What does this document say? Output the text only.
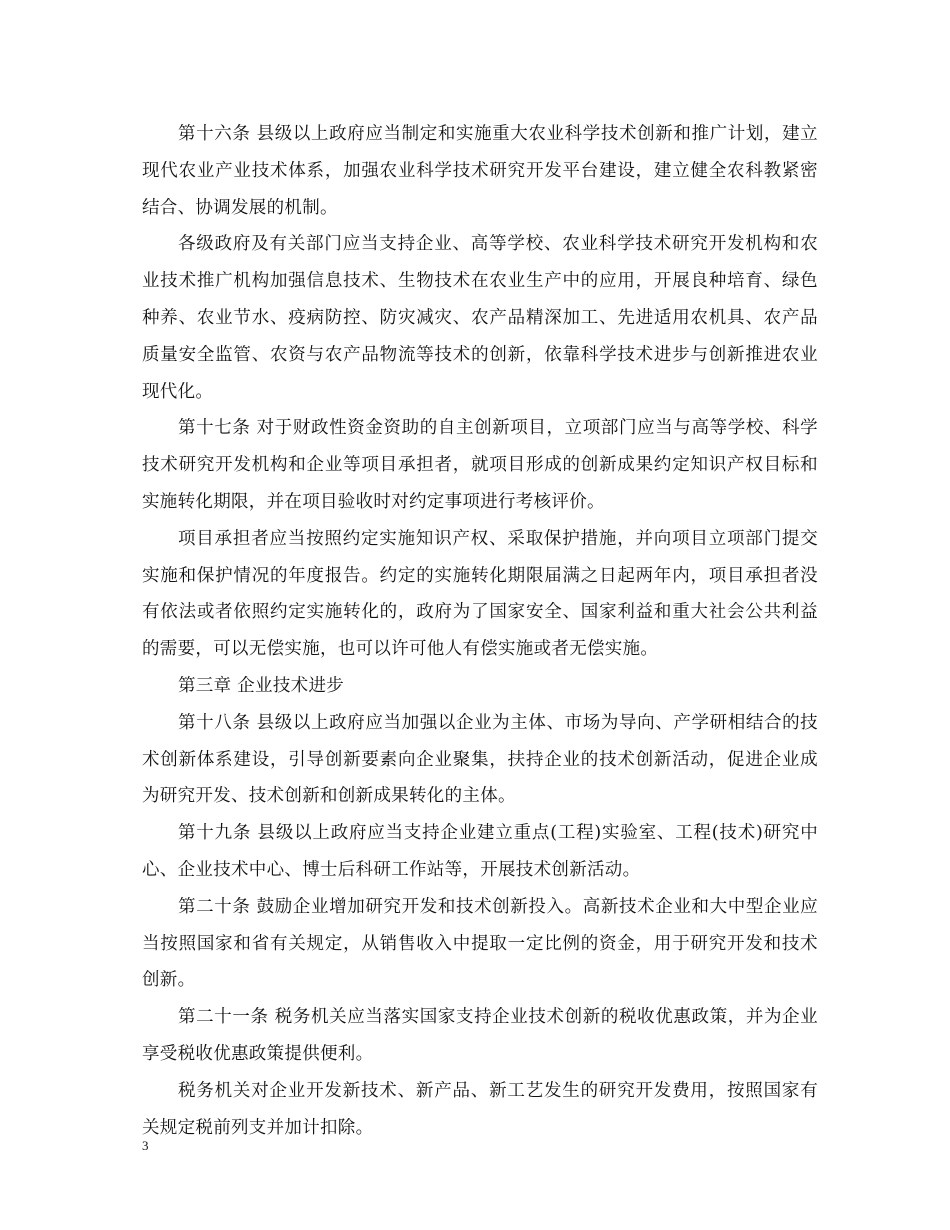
第十六条 县级以上政府应当制定和实施重大农业科学技术创新和推广计划，建立现代农业产业技术体系，加强农业科学技术研究开发平台建设，建立健全农科教紧密结合、协调发展的机制。

各级政府及有关部门应当支持企业、高等学校、农业科学技术研究开发机构和农业技术推广机构加强信息技术、生物技术在农业生产中的应用，开展良种培育、绿色种养、农业节水、疫病防控、防灾减灾、农产品精深加工、先进适用农机具、农产品质量安全监管、农资与农产品物流等技术的创新，依靠科学技术进步与创新推进农业现代化。

第十七条 对于财政性资金资助的自主创新项目，立项部门应当与高等学校、科学技术研究开发机构和企业等项目承担者，就项目形成的创新成果约定知识产权目标和实施转化期限，并在项目验收时对约定事项进行考核评价。

项目承担者应当按照约定实施知识产权、采取保护措施，并向项目立项部门提交实施和保护情况的年度报告。约定的实施转化期限届满之日起两年内，项目承担者没有依法或者依照约定实施转化的，政府为了国家安全、国家利益和重大社会公共利益的需要，可以无偿实施，也可以许可他人有偿实施或者无偿实施。

第三章 企业技术进步

第十八条 县级以上政府应当加强以企业为主体、市场为导向、产学研相结合的技术创新体系建设，引导创新要素向企业聚集，扶持企业的技术创新活动，促进企业成为研究开发、技术创新和创新成果转化的主体。

第十九条 县级以上政府应当支持企业建立重点(工程)实验室、工程(技术)研究中心、企业技术中心、博士后科研工作站等，开展技术创新活动。

第二十条 鼓励企业增加研究开发和技术创新投入。高新技术企业和大中型企业应当按照国家和省有关规定，从销售收入中提取一定比例的资金，用于研究开发和技术创新。

第二十一条 税务机关应当落实国家支持企业技术创新的税收优惠政策，并为企业享受税收优惠政策提供便利。

税务机关对企业开发新技术、新产品、新工艺发生的研究开发费用，按照国家有关规定税前列支并加计扣除。

3
